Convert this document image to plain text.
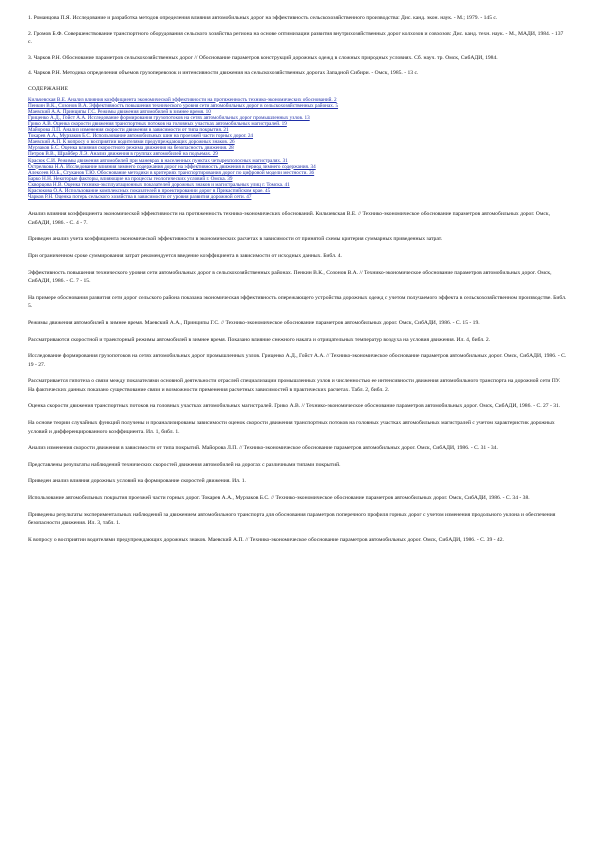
1. Романцова П.Я. Исследование и разработка методов определения влияния автомобильных дорог на эффективность сельскохозяйственного производства: Дис. канд. экон. наук. - М.; 1979. - 145 с.

2. Громов Б.Ф. Совершенствование транспортного оборудования сельского хозяйства региона на основе оптимизации развития внутрихозяйственных дорог колхозов и совхозов: Дис. канд. техн. наук. - М., МАДИ, 1984. - 137 с.

3. Чарков Р.Н. Обоснование параметров сельскохозяйственных дорог // Обоснование параметров конструкций дорожных одежд в сложных природных условиях. Сб. науч. тр. Омск, СибАДИ, 1984.

4. Чарков Р.Н. Методика определения объемов грузоперевозок и интенсивности движения на сельскохозяйственных дорогах Западной Сибири. - Омск, 1985. - 13 с.

СОДЕРЖАНИЕ
Кильчевская В.Е. Анализ влияния коэффициента экономической эффективности на протяженность технико-экономических обоснований. 2
Пенкин В.К., Созонов В.А. Эффективность повышения технического уровня сети автомобильных дорог в сельскохозяйственных районах. 5
Маевский А.А. Принципы Г.С. Режимы движения автомобилей в зимнее время. 10
Гриценко А.Д., Гойст А.А. Исследование формирования грузопотоков на сетях автомобильных дорог промышленных узлов. 13
Грико А.В. Оценка скорости движения транспортных потоков на головных участках автомобильных магистралей. 19
Майорова Л.П. Анализ изменения скорости движения в зависимости от типа покрытия. 21
Токарев А.А., Мурзаков Б.С. Использование автомобильных шин на проезжей части горных дорог. 24
Маевский А.П. К вопросу о восприятии водителями предупреждающих дорожных знаков. 26
Мурзаков Б.С. Оценка влияния скоростного режима движения на безопасность движения. 28
Петров В.В., Шрайбер Л.Э. Анализ движения в группах автомобилей на подъемах. 29
Красюк С.И. Режимы движения автомобилей при маневрах в населенных пунктах четырехполосных магистралях. 31
Острелкова Н.А. Исследование влияния зимнего содержания дорог на эффективность движения в период зимнего содержания. 34
Алексеев Ю.Б., Стуканов Т.Ю. Обоснование методики в критериях транспортирования дорог по цифровой модели местности. 36
Барко Н.Н. Некоторые факторы, влияющие на процессы геологических условий г. Омска. 39
Скворцова Н.В. Оценка технико-эксплуатационных показателей дорожных знаков и магистральных улиц г. Томска. 41
Красюкова О.А. Использование комплексных показателей в проектировании дорог в Прикаспийском крае. 45
Чарков Р.Н. Оценка потерь сельского хозяйства в зависимости от уровня развития дорожной сети. 47

Анализ влияния коэффициента экономической эффективности на протяженность технико-экономических обоснований. Кильчевская В.Е. // Технико-экономическое обоснование параметров автомобильных дорог. Омск, СибАДИ, 1986. - С. 4 - 7.

Приведен анализ учета коэффициента экономической эффективности в экономических расчетах в зависимости от принятой схемы критерия суммарных приведенных затрат.

При ограниченном сроке суммирования затрат рекомендуется введение коэффициента в зависимости от исходных данных. Библ. 4.

Эффективность повышения технического уровня сети автомобильных дорог в сельскохозяйственных районах. Пенкин В.К., Созонов В.А. // Технико-экономическое обоснование параметров автомобильных дорог. Омск, СибАДИ, 1986. - С. 7 - 15.

На примере обоснования развития сети дорог сельского района показана экономическая эффективность опережающего устройства дорожных одежд с учетом получаемого эффекта в сельскохозяйственном производстве. Библ. 5.

Режимы движения автомобилей в зимнее время. Маевский А.А., Принципы Г.С. // Технико-экономическое обоснование параметров автомобильных дорог. Омск, СибАДИ, 1986. - С. 15 - 19.

Рассматриваются скоростной и траекторный режимы автомобилей в зимнее время. Показано влияние снежного наката и отрицательных температур воздуха на условия движения. Ил. 4, библ. 2.

Исследование формирования грузопотоков на сетях автомобильных дорог промышленных узлов. Гриценко А.Д., Гойст А.А. // Технико-экономическое обоснование параметров автомобильных дорог. Омск, СибАДИ, 1986. - С. 19 - 27.

Рассматривается гипотеза о связи между показателями основной деятельности отраслей специализации промышленных узлов и численностью ее интенсивности движения автомобильного транспорта на дорожной сети ПУ. На фактических данных показано существование связи и возможности применения расчетных зависимостей в практических расчетах. Табл. 2, библ. 2.

Оценка скорости движения транспортных потоков на головных участках автомобильных магистралей. Грико А.В. // Технико-экономическое обоснование параметров автомобильных дорог. Омск, СибАДИ, 1986. - С. 27 - 31.

На основе теории случайных функций получены и проанализированы зависимости оценок скорости движения транспортных потоков на головных участках автомобильных магистралей с учетом характеристик дорожных условий и дифференцированного коэффициента. Ил. 1, библ. 1.

Анализ изменения скорости движения в зависимости от типа покрытий. Майорова Л.П. // Технико-экономическое обоснование параметров автомобильных дорог. Омск, СибАДИ, 1986. - С. 31 - 34.

Представлены результаты наблюдений технических скоростей движения автомобилей на дорогах с различными типами покрытий.

Приведен анализ влияния дорожных условий на формирование скоростей движения. Ил. 1.

Использование автомобильных покрытия проезжей части горных дорог. Токарев А.А., Мурзаков Б.С. // Технико-экономическое обоснование параметров автомобильных дорог. Омск, СибАДИ, 1986. - С. 34 - 38.

Приведены результаты экспериментальных наблюдений за движением автомобильного транспорта для обоснования параметров поперечного профиля горных дорог с учетом изменения продольного уклона и обеспечения безопасности движения. Ил. 3, табл. 1.

К вопросу о восприятии водителями предупреждающих дорожных знаков. Маевский А.П. // Технико-экономическое обоснование параметров автомобильных дорог. Омск, СибАДИ, 1986. - С. 39 - 42.
